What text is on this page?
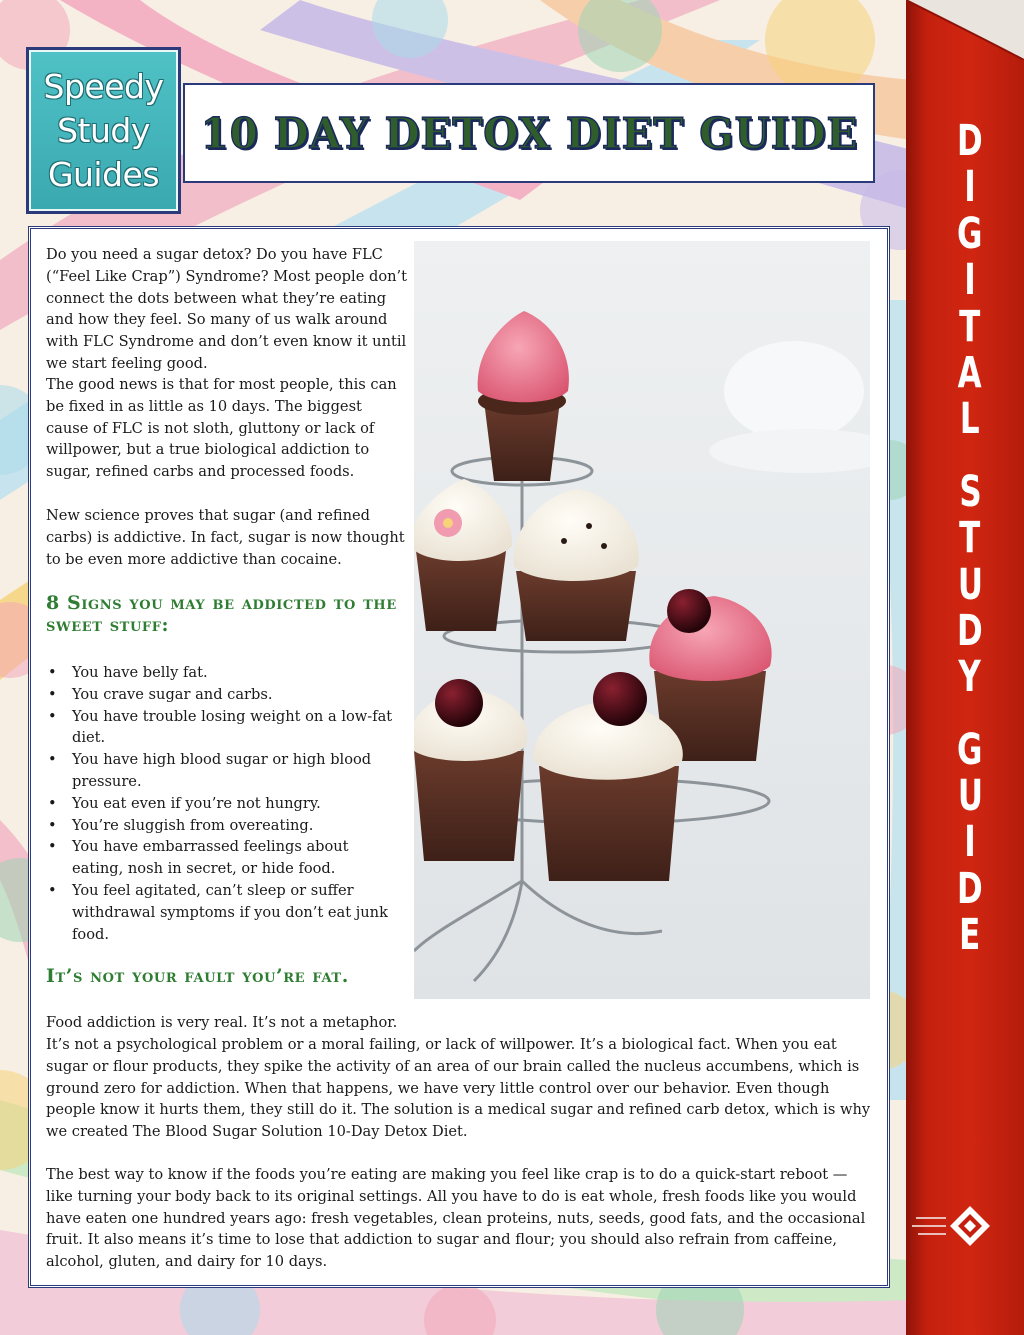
D
I
G
I
T
A
L
S
T
U
D
Y
G
U
I
D
E
Speedy
Study
Guides
10 DAY DETOX DIET GUIDE

Do you need a sugar detox? Do you have FLC (“Feel Like Crap”) Syndrome? Most people don’t connect the dots between what they’re eating and how they feel. So many of us walk around with FLC Syndrome and don’t even know it until we start feeling good.

The good news is that for most people, this can be fixed in as little as 10 days. The biggest cause of FLC is not sloth, gluttony or lack of willpower, but a true biological addiction to sugar, refined carbs and processed foods.

New science proves that sugar (and refined carbs) is addictive. In fact, sugar is now thought to be even more addictive than cocaine.

8 Signs you may be addicted to the sweet stuff:
• You have belly fat.
• You crave sugar and carbs.
• You have trouble losing weight on a low-fat diet.
• You have high blood sugar or high blood pressure.
• You eat even if you’re not hungry.
• You’re sluggish from overeating.
• You have embarrassed feelings about eating, nosh in secret, or hide food.
• You feel agitated, can’t sleep or suffer withdrawal symptoms if you don’t eat junk food.
It’s not your fault you’re fat.

Food addiction is very real. It’s not a metaphor.

It’s not a psychological problem or a moral failing, or lack of willpower. It’s a biological fact. When you eat sugar or flour products, they spike the activity of an area of our brain called the nucleus accumbens, which is ground zero for addiction. When that happens, we have very little control over our behavior. Even though people know it hurts them, they still do it. The solution is a medical sugar and refined carb detox, which is why we created The Blood Sugar Solution 10-Day Detox Diet.

The best way to know if the foods you’re eating are making you feel like crap is to do a quick-start reboot — like turning your body back to its original settings. All you have to do is eat whole, fresh foods like you would have eaten one hundred years ago: fresh vegetables, clean proteins, nuts, seeds, good fats, and the occasional fruit. It also means it’s time to lose that addiction to sugar and flour; you should also refrain from caffeine, alcohol, gluten, and dairy for 10 days.
